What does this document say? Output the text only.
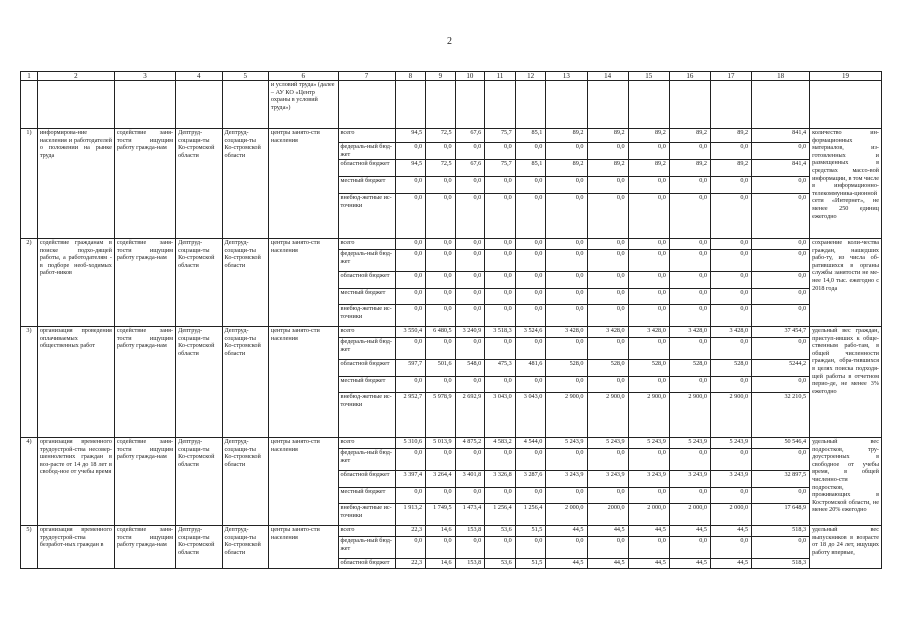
2
1	2	3	4	5	6	7	8	9	10	11	12	13	14	15	16	17	18	19
					и условий труда» (далее – АУ КО «Центр охраны в условий труда»)													
1)	информирова-ние населения и работодателей о положении на рынке труда	содействие заня-тости ищущим работу гражда-нам	Дептруд-соцзащи-ты Ко-стромской области	Дептруд-соцзащи-ты Ко-стромской области	центры занято-сти населения	всего	94,5	72,5	67,6	75,7	85,1	89,2	89,2	89,2	89,2	89,2	841,4	количество ин-формационных материалов, из-готовленных и размещенных в средствах массо-вой информации, в том числе в информационно-телекоммуника-ционной сети «Интернет», не менее 250 единиц ежегодно
						федераль-ный бюд-жет	0,0	0,0	0,0	0,0	0,0	0,0	0,0	0,0	0,0	0,0	0,0	
						областной бюджет	94,5	72,5	67,6	75,7	85,1	89,2	89,2	89,2	89,2	89,2	841,4	
						местный бюджет	0,0	0,0	0,0	0,0	0,0	0,0	0,0	0,0	0,0	0,0	0,0	
						внебюд-жетные ис-точники	0,0	0,0	0,0	0,0	0,0	0,0	0,0	0,0	0,0	0,0	0,0	
2)	содействие гражданам в поиске подхо-дящей работы, а работодателям - в подборе необ-ходимых работ-ников	содействие заня-тости ищущим работу гражда-нам	Дептруд-соцзащи-ты Ко-стромской области	Дептруд-соцзащи-ты Ко-стромской области	центры занято-сти населения	всего	0,0	0,0	0,0	0,0	0,0	0,0	0,0	0,0	0,0	0,0	0,0	сохранение коли-чества граждан, нашедших рабо-ту, из числа об-ратившихся в органы службы занятости не ме-нее 14,0 тыс. ежегодно с 2018 года
						федераль-ный бюд-жет	0,0	0,0	0,0	0,0	0,0	0,0	0,0	0,0	0,0	0,0	0,0	
						областной бюджет	0,0	0,0	0,0	0,0	0,0	0,0	0,0	0,0	0,0	0,0	0,0	
						местный бюджет	0,0	0,0	0,0	0,0	0,0	0,0	0,0	0,0	0,0	0,0	0,0	
						внебюд-жетные ис-точники	0,0	0,0	0,0	0,0	0,0	0,0	0,0	0,0	0,0	0,0	0,0	
3)	организация проведения оплачиваемых общественных работ	содействие заня-тости ищущим работу гражда-нам	Дептруд-соцзащи-ты Ко-стромской области	Дептруд-соцзащи-ты Ко-стромской области	центры занято-сти населения	всего	3 550,4	6 480,5	3 240,9	3 518,3	3 524,6	3 428,0	3 428,0	3 428,0	3 428,0	3 428,0	37 454,7	удельный вес граждан, приступ-ивших к обще-ственным рабо-там, в общей численности граждан, обра-тившихся в целях поиска подходя-щей работы в отчетном перио-де, не менее 3% ежегодно
						федераль-ный бюд-жет	0,0	0,0	0,0	0,0	0,0	0,0	0,0	0,0	0,0	0,0	0,0	
						областной бюджет	597,7	501,6	548,0	475,3	481,6	528,0	528,0	528,0	528,0	528,0	5244,2	
						местный бюджет	0,0	0,0	0,0	0,0	0,0	0,0	0,0	0,0	0,0	0,0	0,0	
						внебюд-жетные ис-точники	2 952,7	5 978,9	2 692,9	3 043,0	3 043,0	2 900,0	2 900,0	2 900,0	2 900,0	2 900,0	32 210,5	
4)	организация временного трудоустрой-ства несовер-шеннолетних граждан в воз-расте от 14 до 18 лет в свобод-ное от учебы время	содействие заня-тости ищущим работу гражда-нам	Дептруд-соцзащи-ты Ко-стромской области	Дептруд-соцзащи-ты Ко-стромской области	центры занято-сти населения	всего	5 310,6	5 013,9	4 875,2	4 583,2	4 544,0	5 243,9	5 243,9	5 243,9	5 243,9	5 243,9	50 546,4	удельный вес подростков, тру-доустроенных в свободное от учебы время, в общей численно-сти подростков, проживающих в Костромской области, не менее 20% ежегодно
						федераль-ный бюд-жет	0,0	0,0	0,0	0,0	0,0	0,0	0,0	0,0	0,0	0,0	0,0	
						областной бюджет	3 397,4	3 264,4	3 401,8	3 326,8	3 287,6	3 243,9	3 243,9	3 243,9	3 243,9	3 243,9	32 897,5	
						местный бюджет	0,0	0,0	0,0	0,0	0,0	0,0	0,0	0,0	0,0	0,0	0,0	
						внебюд-жетные ис-точники	1 913,2	1 749,5	1 473,4	1 256,4	1 256,4	2 000,0	2000,0	2 000,0	2 000,0	2 000,0	17 648,9	
5)	организация временного трудоустрой-ства безработ-ных граждан в	содействие заня-тости ищущим работу гражда-нам	Дептруд-соцзащи-ты Ко-стромской области	Дептруд-соцзащи-ты Ко-стромской области	центры занято-сти населения	всего	22,3	14,6	153,8	53,6	51,5	44,5	44,5	44,5	44,5	44,5	518,3	удельный вес выпускников в возрасте от 18 до 24 лет, ищущих работу впервые,
						федераль-ный бюд-жет	0,0	0,0	0,0	0,0	0,0	0,0	0,0	0,0	0,0	0,0	0,0	
						областной бюджет	22,3	14,6	153,8	53,6	51,5	44,5	44,5	44,5	44,5	44,5	518,3	
